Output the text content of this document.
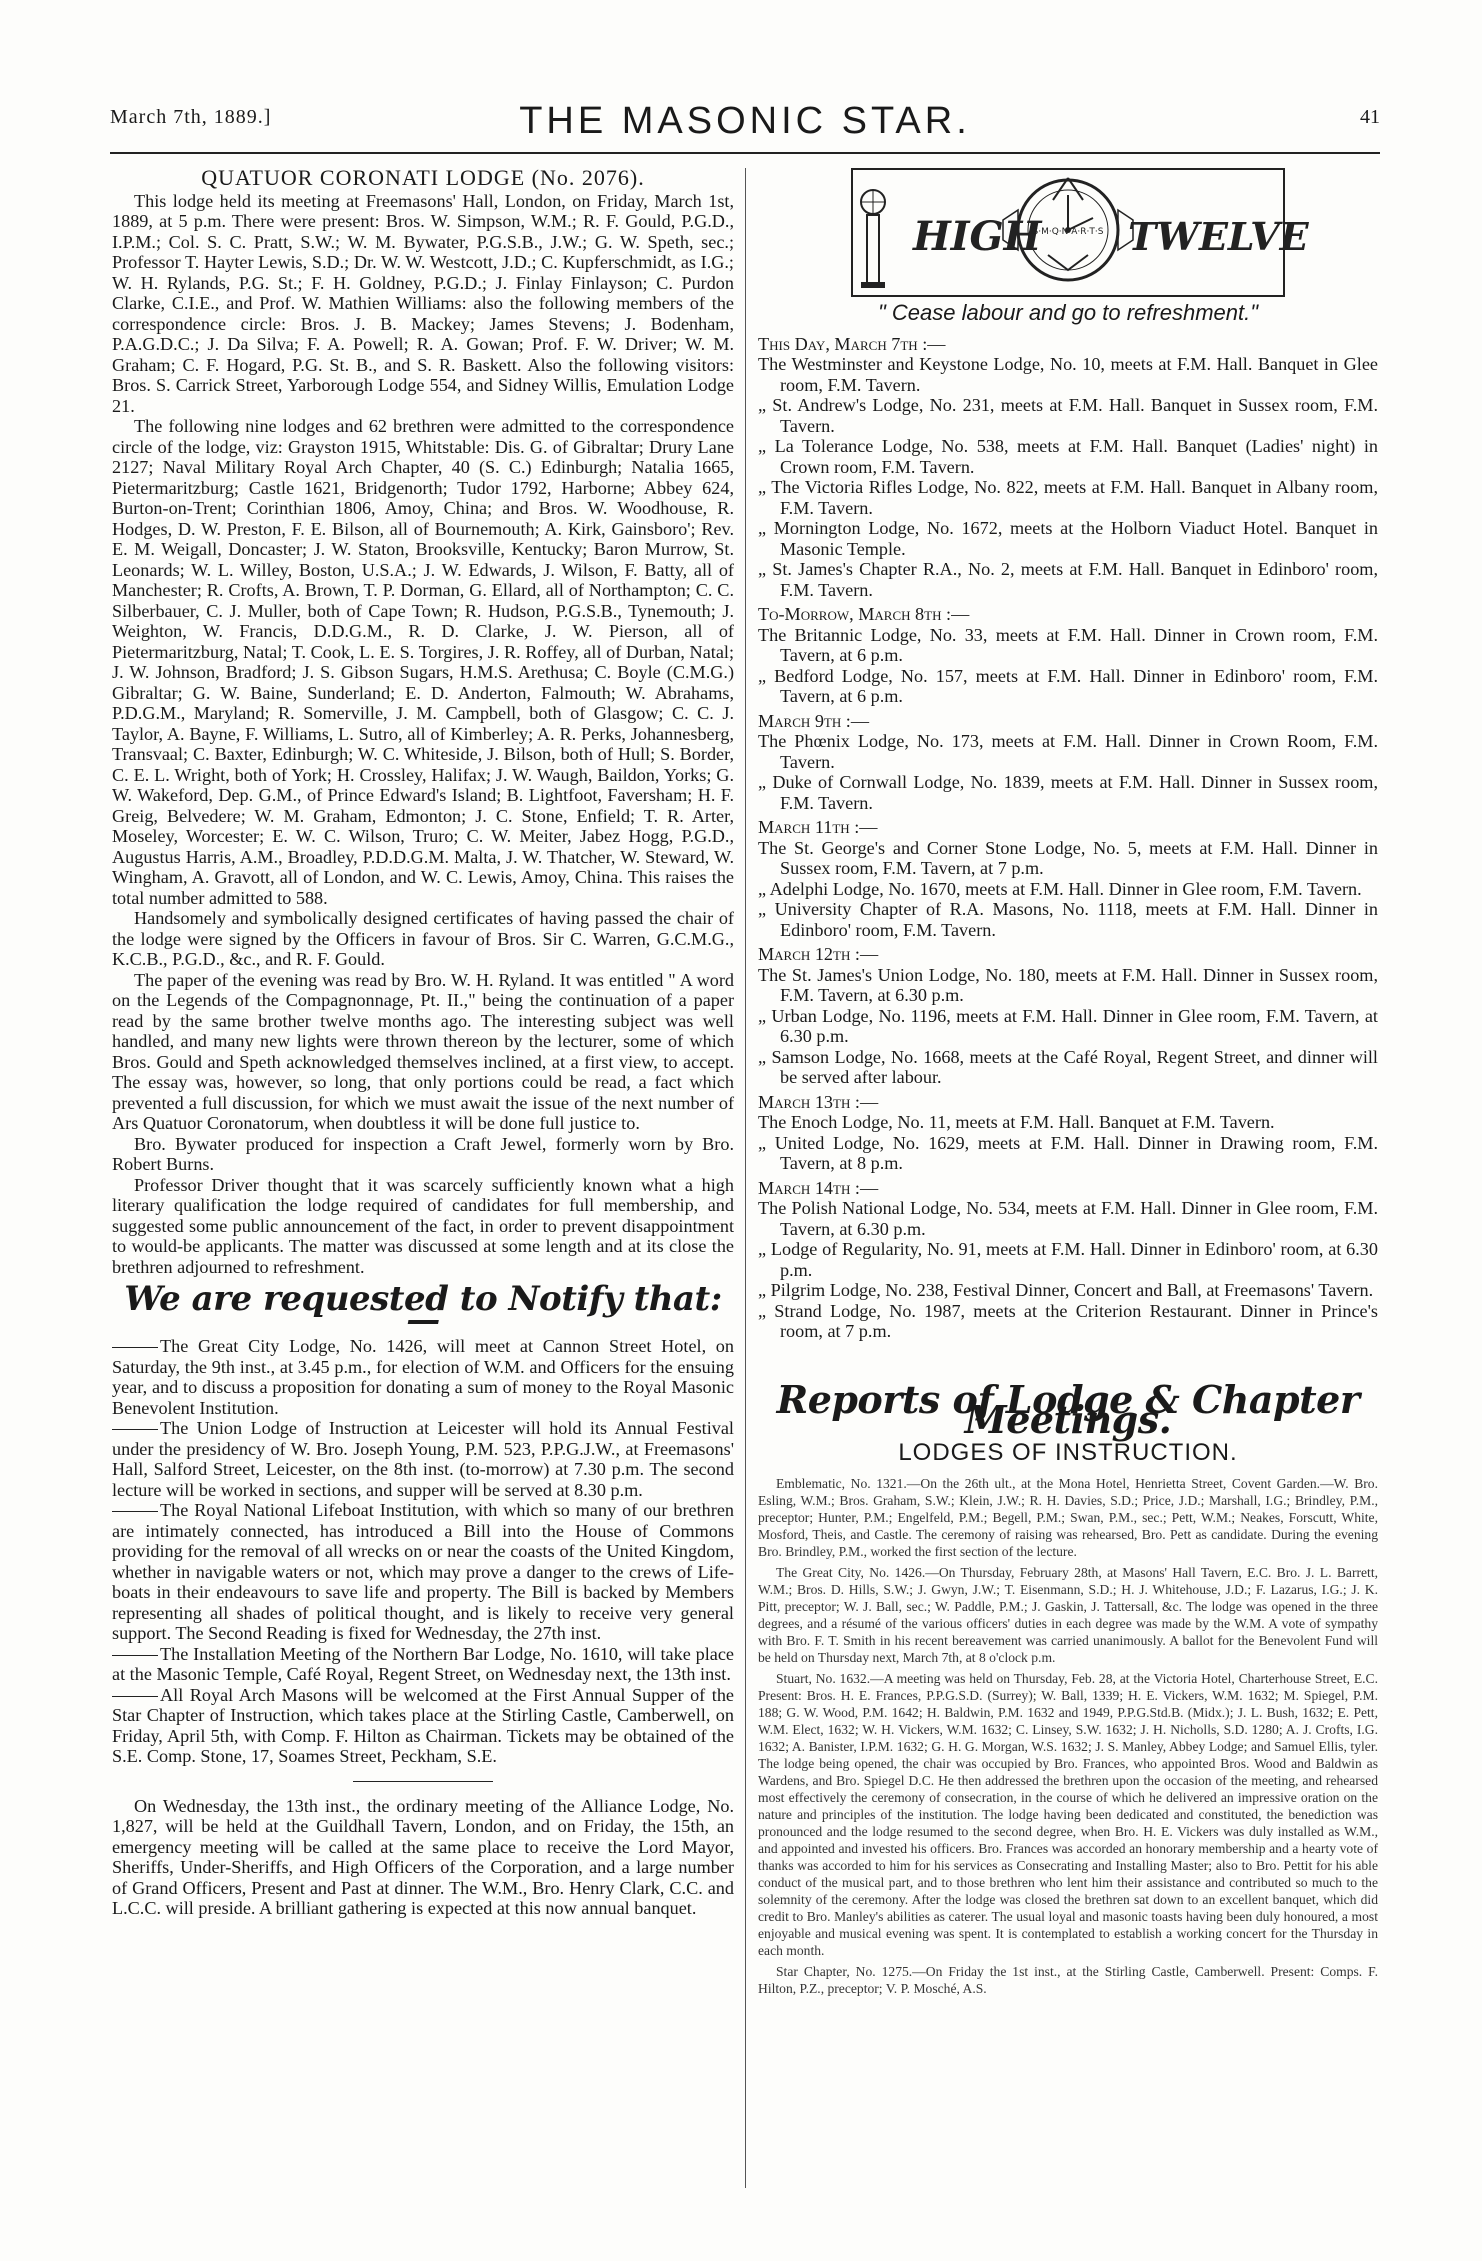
March 7th, 1889.]	THE MASONIC STAR.	41

QUATUOR CORONATI LODGE (No. 2076).

This lodge held its meeting at Freemasons' Hall, London, on Friday, March 1st, 1889, at 5 p.m. There were present: Bros. W. Simpson, W.M.; R. F. Gould, P.G.D., I.P.M.; Col. S. C. Pratt, S.W.; W. M. Bywater, P.G.S.B., J.W.; G. W. Speth, sec.; Professor T. Hayter Lewis, S.D.; Dr. W. W. Westcott, J.D.; C. Kupferschmidt, as I.G.; W. H. Rylands, P.G. St.; F. H. Goldney, P.G.D.; J. Finlay Finlayson; C. Purdon Clarke, C.I.E., and Prof. W. Mathien Williams: also the following members of the correspondence circle: Bros. J. B. Mackey; James Stevens; J. Bodenham, P.A.G.D.C.; J. Da Silva; F. A. Powell; R. A. Gowan; Prof. F. W. Driver; W. M. Graham; C. F. Hogard, P.G. St. B., and S. R. Baskett. Also the following visitors: Bros. S. Carrick Street, Yarborough Lodge 554, and Sidney Willis, Emulation Lodge 21.

The following nine lodges and 62 brethren were admitted to the correspondence circle of the lodge, viz: Grayston 1915, Whitstable: Dis. G. of Gibraltar; Drury Lane 2127; Naval Military Royal Arch Chapter, 40 (S. C.) Edinburgh; Natalia 1665, Pietermaritzburg; Castle 1621, Bridgenorth; Tudor 1792, Harborne; Abbey 624, Burton-on-Trent; Corinthian 1806, Amoy, China; and Bros. W. Woodhouse, R. Hodges, D. W. Preston, F. E. Bilson, all of Bournemouth; A. Kirk, Gainsboro'; Rev. E. M. Weigall, Doncaster; J. W. Staton, Brooksville, Kentucky; Baron Murrow, St. Leonards; W. L. Willey, Boston, U.S.A.; J. W. Edwards, J. Wilson, F. Batty, all of Manchester; R. Crofts, A. Brown, T. P. Dorman, G. Ellard, all of Northampton; C. C. Silberbauer, C. J. Muller, both of Cape Town; R. Hudson, P.G.S.B., Tynemouth; J. Weighton, W. Francis, D.D.G.M., R. D. Clarke, J. W. Pierson, all of Pietermaritzburg, Natal; T. Cook, L. E. S. Torgires, J. R. Roffey, all of Durban, Natal; J. W. Johnson, Bradford; J. S. Gibson Sugars, H.M.S. Arethusa; C. Boyle (C.M.G.) Gibraltar; G. W. Baine, Sunderland; E. D. Anderton, Falmouth; W. Abrahams, P.D.G.M., Maryland; R. Somerville, J. M. Campbell, both of Glasgow; C. C. J. Taylor, A. Bayne, F. Williams, L. Sutro, all of Kimberley; A. R. Perks, Johannesberg, Transvaal; C. Baxter, Edinburgh; W. C. Whiteside, J. Bilson, both of Hull; S. Border, C. E. L. Wright, both of York; H. Crossley, Halifax; J. W. Waugh, Baildon, Yorks; G. W. Wakeford, Dep. G.M., of Prince Edward's Island; B. Lightfoot, Faversham; H. F. Greig, Belvedere; W. M. Graham, Edmonton; J. C. Stone, Enfield; T. R. Arter, Moseley, Worcester; E. W. C. Wilson, Truro; C. W. Meiter, Jabez Hogg, P.G.D., Augustus Harris, A.M., Broadley, P.D.D.G.M. Malta, J. W. Thatcher, W. Steward, W. Wingham, A. Gravott, all of London, and W. C. Lewis, Amoy, China. This raises the total number admitted to 588.

Handsomely and symbolically designed certificates of having passed the chair of the lodge were signed by the Officers in favour of Bros. Sir C. Warren, G.C.M.G., K.C.B., P.G.D., &c., and R. F. Gould.

The paper of the evening was read by Bro. W. H. Ryland. It was entitled " A word on the Legends of the Compagnonnage, Pt. II.," being the continuation of a paper read by the same brother twelve months ago. The interesting subject was well handled, and many new lights were thrown thereon by the lecturer, some of which Bros. Gould and Speth acknowledged themselves inclined, at a first view, to accept. The essay was, however, so long, that only portions could be read, a fact which prevented a full discussion, for which we must await the issue of the next number of Ars Quatuor Coronatorum, when doubtless it will be done full justice to.

Bro. Bywater produced for inspection a Craft Jewel, formerly worn by Bro. Robert Burns.

Professor Driver thought that it was scarcely sufficiently known what a high literary qualification the lodge required of candidates for full membership, and suggested some public announcement of the fact, in order to prevent disappointment to would-be applicants. The matter was discussed at some length and at its close the brethren adjourned to refreshment.

We are requested to Notify that:—

The Great City Lodge, No. 1426, will meet at Cannon Street Hotel, on Saturday, the 9th inst., at 3.45 p.m., for election of W.M. and Officers for the ensuing year, and to discuss a proposition for donating a sum of money to the Royal Masonic Benevolent Institution.

The Union Lodge of Instruction at Leicester will hold its Annual Festival under the presidency of W. Bro. Joseph Young, P.M. 523, P.P.G.J.W., at Freemasons' Hall, Salford Street, Leicester, on the 8th inst. (to-morrow) at 7.30 p.m. The second lecture will be worked in sections, and supper will be served at 8.30 p.m.

The Royal National Lifeboat Institution, with which so many of our brethren are intimately connected, has introduced a Bill into the House of Commons providing for the removal of all wrecks on or near the coasts of the United Kingdom, whether in navigable waters or not, which may prove a danger to the crews of Life-boats in their endeavours to save life and property. The Bill is backed by Members representing all shades of political thought, and is likely to receive very general support. The Second Reading is fixed for Wednesday, the 27th inst.

The Installation Meeting of the Northern Bar Lodge, No. 1610, will take place at the Masonic Temple, Café Royal, Regent Street, on Wednesday next, the 13th inst.

All Royal Arch Masons will be welcomed at the First Annual Supper of the Star Chapter of Instruction, which takes place at the Stirling Castle, Camberwell, on Friday, April 5th, with Comp. F. Hilton as Chairman. Tickets may be obtained of the S.E. Comp. Stone, 17, Soames Street, Peckham, S.E.

On Wednesday, the 13th inst., the ordinary meeting of the Alliance Lodge, No. 1,827, will be held at the Guildhall Tavern, London, and on Friday, the 15th, an emergency meeting will be called at the same place to receive the Lord Mayor, Sheriffs, Under-Sheriffs, and High Officers of the Corporation, and a large number of Grand Officers, Present and Past at dinner. The W.M., Bro. Henry Clark, C.C. and L.C.C. will preside. A brilliant gathering is expected at this now annual banquet.

HIGH TWELVE
S·M·Q·N·A·R·T·S

" Cease labour and go to refreshment."

This Day, March 7th :—

The Westminster and Keystone Lodge, No. 10, meets at F.M. Hall. Banquet in Glee room, F.M. Tavern.

„ St. Andrew's Lodge, No. 231, meets at F.M. Hall. Banquet in Sussex room, F.M. Tavern.

„ La Tolerance Lodge, No. 538, meets at F.M. Hall. Banquet (Ladies' night) in Crown room, F.M. Tavern.

„ The Victoria Rifles Lodge, No. 822, meets at F.M. Hall. Banquet in Albany room, F.M. Tavern.

„ Mornington Lodge, No. 1672, meets at the Holborn Viaduct Hotel. Banquet in Masonic Temple.

„ St. James's Chapter R.A., No. 2, meets at F.M. Hall. Banquet in Edinboro' room, F.M. Tavern.

To-Morrow, March 8th :—

The Britannic Lodge, No. 33, meets at F.M. Hall. Dinner in Crown room, F.M. Tavern, at 6 p.m.

„ Bedford Lodge, No. 157, meets at F.M. Hall. Dinner in Edinboro' room, F.M. Tavern, at 6 p.m.

March 9th :—

The Phœnix Lodge, No. 173, meets at F.M. Hall. Dinner in Crown Room, F.M. Tavern.

„ Duke of Cornwall Lodge, No. 1839, meets at F.M. Hall. Dinner in Sussex room, F.M. Tavern.

March 11th :—

The St. George's and Corner Stone Lodge, No. 5, meets at F.M. Hall. Dinner in Sussex room, F.M. Tavern, at 7 p.m.

„ Adelphi Lodge, No. 1670, meets at F.M. Hall. Dinner in Glee room, F.M. Tavern.

„ University Chapter of R.A. Masons, No. 1118, meets at F.M. Hall. Dinner in Edinboro' room, F.M. Tavern.

March 12th :—

The St. James's Union Lodge, No. 180, meets at F.M. Hall. Dinner in Sussex room, F.M. Tavern, at 6.30 p.m.

„ Urban Lodge, No. 1196, meets at F.M. Hall. Dinner in Glee room, F.M. Tavern, at 6.30 p.m.

„ Samson Lodge, No. 1668, meets at the Café Royal, Regent Street, and dinner will be served after labour.

March 13th :—

The Enoch Lodge, No. 11, meets at F.M. Hall. Banquet at F.M. Tavern.

„ United Lodge, No. 1629, meets at F.M. Hall. Dinner in Drawing room, F.M. Tavern, at 8 p.m.

March 14th :—

The Polish National Lodge, No. 534, meets at F.M. Hall. Dinner in Glee room, F.M. Tavern, at 6.30 p.m.

„ Lodge of Regularity, No. 91, meets at F.M. Hall. Dinner in Edinboro' room, at 6.30 p.m.

„ Pilgrim Lodge, No. 238, Festival Dinner, Concert and Ball, at Freemasons' Tavern.

„ Strand Lodge, No. 1987, meets at the Criterion Restaurant. Dinner in Prince's room, at 7 p.m.

Reports of Lodge & Chapter Meetings.

LODGES OF INSTRUCTION.

Emblematic, No. 1321.—On the 26th ult., at the Mona Hotel, Henrietta Street, Covent Garden.—W. Bro. Esling, W.M.; Bros. Graham, S.W.; Klein, J.W.; R. H. Davies, S.D.; Price, J.D.; Marshall, I.G.; Brindley, P.M., preceptor; Hunter, P.M.; Engelfeld, P.M.; Begell, P.M.; Swan, P.M., sec.; Pett, W.M.; Neakes, Forscutt, White, Mosford, Theis, and Castle. The ceremony of raising was rehearsed, Bro. Pett as candidate. During the evening Bro. Brindley, P.M., worked the first section of the lecture.

The Great City, No. 1426.—On Thursday, February 28th, at Masons' Hall Tavern, E.C. Bro. J. L. Barrett, W.M.; Bros. D. Hills, S.W.; J. Gwyn, J.W.; T. Eisenmann, S.D.; H. J. Whitehouse, J.D.; F. Lazarus, I.G.; J. K. Pitt, preceptor; W. J. Ball, sec.; W. Paddle, P.M.; J. Gaskin, J. Tattersall, &c. The lodge was opened in the three degrees, and a résumé of the various officers' duties in each degree was made by the W.M. A vote of sympathy with Bro. F. T. Smith in his recent bereavement was carried unanimously. A ballot for the Benevolent Fund will be held on Thursday next, March 7th, at 8 o'clock p.m.

Stuart, No. 1632.—A meeting was held on Thursday, Feb. 28, at the Victoria Hotel, Charterhouse Street, E.C. Present: Bros. H. E. Frances, P.P.G.S.D. (Surrey); W. Ball, 1339; H. E. Vickers, W.M. 1632; M. Spiegel, P.M. 188; G. W. Wood, P.M. 1642; H. Baldwin, P.M. 1632 and 1949, P.P.G.Std.B. (Midx.); J. L. Bush, 1632; E. Pett, W.M. Elect, 1632; W. H. Vickers, W.M. 1632; C. Linsey, S.W. 1632; J. H. Nicholls, S.D. 1280; A. J. Crofts, I.G. 1632; A. Banister, I.P.M. 1632; G. H. G. Morgan, W.S. 1632; J. S. Manley, Abbey Lodge; and Samuel Ellis, tyler. The lodge being opened, the chair was occupied by Bro. Frances, who appointed Bros. Wood and Baldwin as Wardens, and Bro. Spiegel D.C. He then addressed the brethren upon the occasion of the meeting, and rehearsed most effectively the ceremony of consecration, in the course of which he delivered an impressive oration on the nature and principles of the institution. The lodge having been dedicated and constituted, the benediction was pronounced and the lodge resumed to the second degree, when Bro. H. E. Vickers was duly installed as W.M., and appointed and invested his officers. Bro. Frances was accorded an honorary membership and a hearty vote of thanks was accorded to him for his services as Consecrating and Installing Master; also to Bro. Pettit for his able conduct of the musical part, and to those brethren who lent him their assistance and contributed so much to the solemnity of the ceremony. After the lodge was closed the brethren sat down to an excellent banquet, which did credit to Bro. Manley's abilities as caterer. The usual loyal and masonic toasts having been duly honoured, a most enjoyable and musical evening was spent. It is contemplated to establish a working concert for the Thursday in each month.

Star Chapter, No. 1275.—On Friday the 1st inst., at the Stirling Castle, Camberwell. Present: Comps. F. Hilton, P.Z., preceptor; V. P. Mosché, A.S.
